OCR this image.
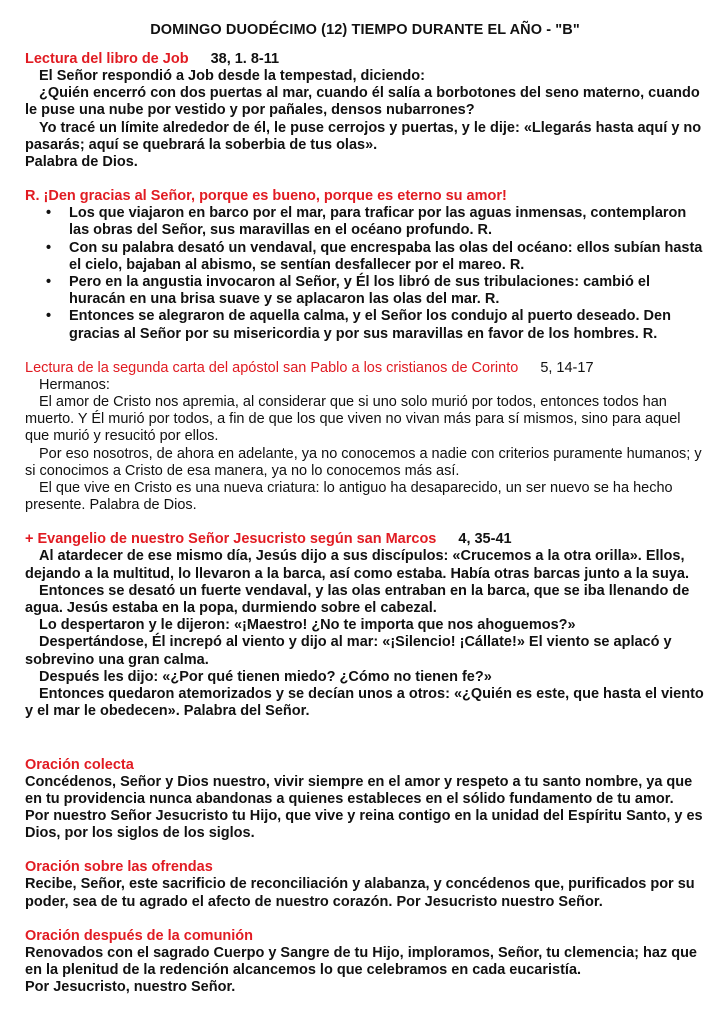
DOMINGO DUODÉCIMO (12) TIEMPO DURANTE EL AÑO - "B"
Lectura del libro de Job 38, 1. 8-11

El Señor respondió a Job desde la tempestad, diciendo:

¿Quién encerró con dos puertas al mar, cuando él salía a borbotones del seno materno, cuando le puse una nube por vestido y por pañales, densos nubarrones?

Yo tracé un límite alrededor de él, le puse cerrojos y puertas, y le dije: «Llegarás hasta aquí y no pasarás; aquí se quebrará la soberbia de tus olas».

Palabra de Dios.

R. ¡Den gracias al Señor, porque es bueno, porque es eterno su amor!
• Los que viajaron en barco por el mar, para traficar por las aguas inmensas, contemplaron las obras del Señor, sus maravillas en el océano profundo. R.
• Con su palabra desató un vendaval, que encrespaba las olas del océano: ellos subían hasta el cielo, bajaban al abismo, se sentían desfallecer por el mareo. R.
• Pero en la angustia invocaron al Señor, y Él los libró de sus tribulaciones: cambió el huracán en una brisa suave y se aplacaron las olas del mar. R.
• Entonces se alegraron de aquella calma, y el Señor los condujo al puerto deseado. Den gracias al Señor por su misericordia y por sus maravillas en favor de los hombres. R.
Lectura de la segunda carta del apóstol san Pablo a los cristianos de Corinto 5, 14-17

Hermanos:

El amor de Cristo nos apremia, al considerar que si uno solo murió por todos, entonces todos han muerto. Y Él murió por todos, a fin de que los que viven no vivan más para sí mismos, sino para aquel que murió y resucitó por ellos.

Por eso nosotros, de ahora en adelante, ya no conocemos a nadie con criterios puramente humanos; y si conocimos a Cristo de esa manera, ya no lo conocemos más así.

El que vive en Cristo es una nueva criatura: lo antiguo ha desaparecido, un ser nuevo se ha hecho presente. Palabra de Dios.

+ Evangelio de nuestro Señor Jesucristo según san Marcos 4, 35-41

Al atardecer de ese mismo día, Jesús dijo a sus discípulos: «Crucemos a la otra orilla». Ellos, dejando a la multitud, lo llevaron a la barca, así como estaba. Había otras barcas junto a la suya.

Entonces se desató un fuerte vendaval, y las olas entraban en la barca, que se iba llenando de agua. Jesús estaba en la popa, durmiendo sobre el cabezal.

Lo despertaron y le dijeron: «¡Maestro! ¿No te importa que nos ahoguemos?»

Despertándose, Él increpó al viento y dijo al mar: «¡Silencio! ¡Cállate!» El viento se aplacó y sobrevino una gran calma.

Después les dijo: «¿Por qué tienen miedo? ¿Cómo no tienen fe?»

Entonces quedaron atemorizados y se decían unos a otros: «¿Quién es este, que hasta el viento y el mar le obedecen». Palabra del Señor.

Oración colecta

Concédenos, Señor y Dios nuestro, vivir siempre en el amor y respeto a tu santo nombre, ya que en tu providencia nunca abandonas a quienes estableces en el sólido fundamento de tu amor.

Por nuestro Señor Jesucristo tu Hijo, que vive y reina contigo en la unidad del Espíritu Santo, y es Dios, por los siglos de los siglos.

Oración sobre las ofrendas

Recibe, Señor, este sacrificio de reconciliación y alabanza, y concédenos que, purificados por su poder, sea de tu agrado el afecto de nuestro corazón. Por Jesucristo nuestro Señor.

Oración después de la comunión

Renovados con el sagrado Cuerpo y Sangre de tu Hijo, imploramos, Señor, tu clemencia; haz que en la plenitud de la redención alcancemos lo que celebramos en cada eucaristía.

Por Jesucristo, nuestro Señor.
